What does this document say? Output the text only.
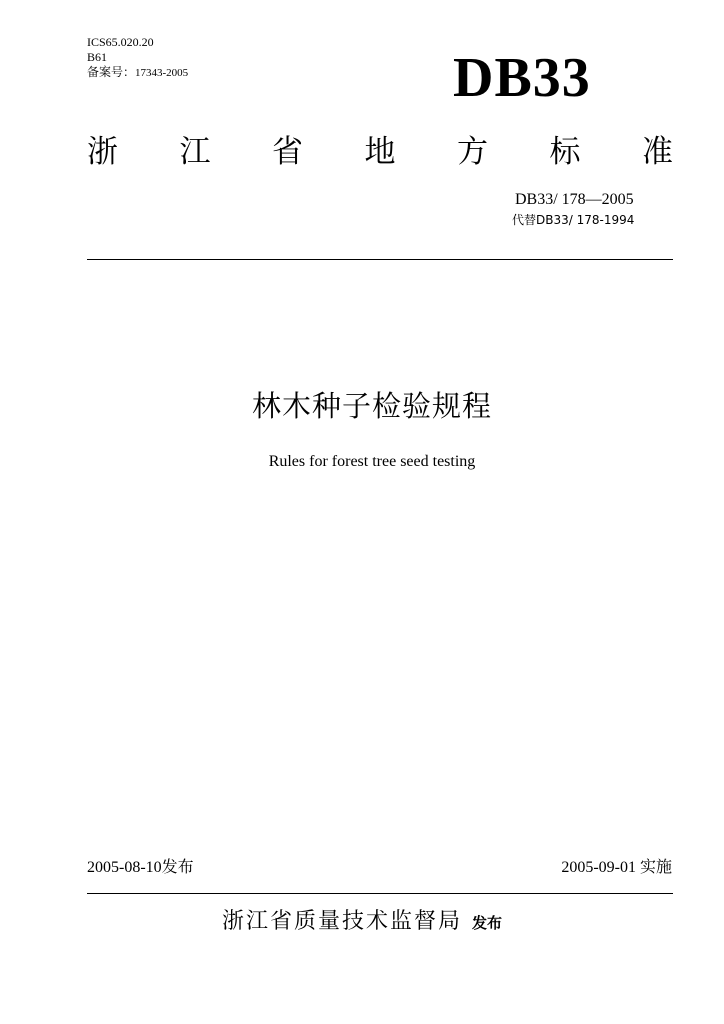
ICS65.020.20
B61
备案号：17343-2005	DB33
浙 江 省 地 方 标 准
DB33/ 178—2005
代替DB33/ 178-1994
林木种子检验规程
Rules for forest tree seed testing
2005-08-10发布	2005-09-01 实施
浙江省质量技术监督局 发布
